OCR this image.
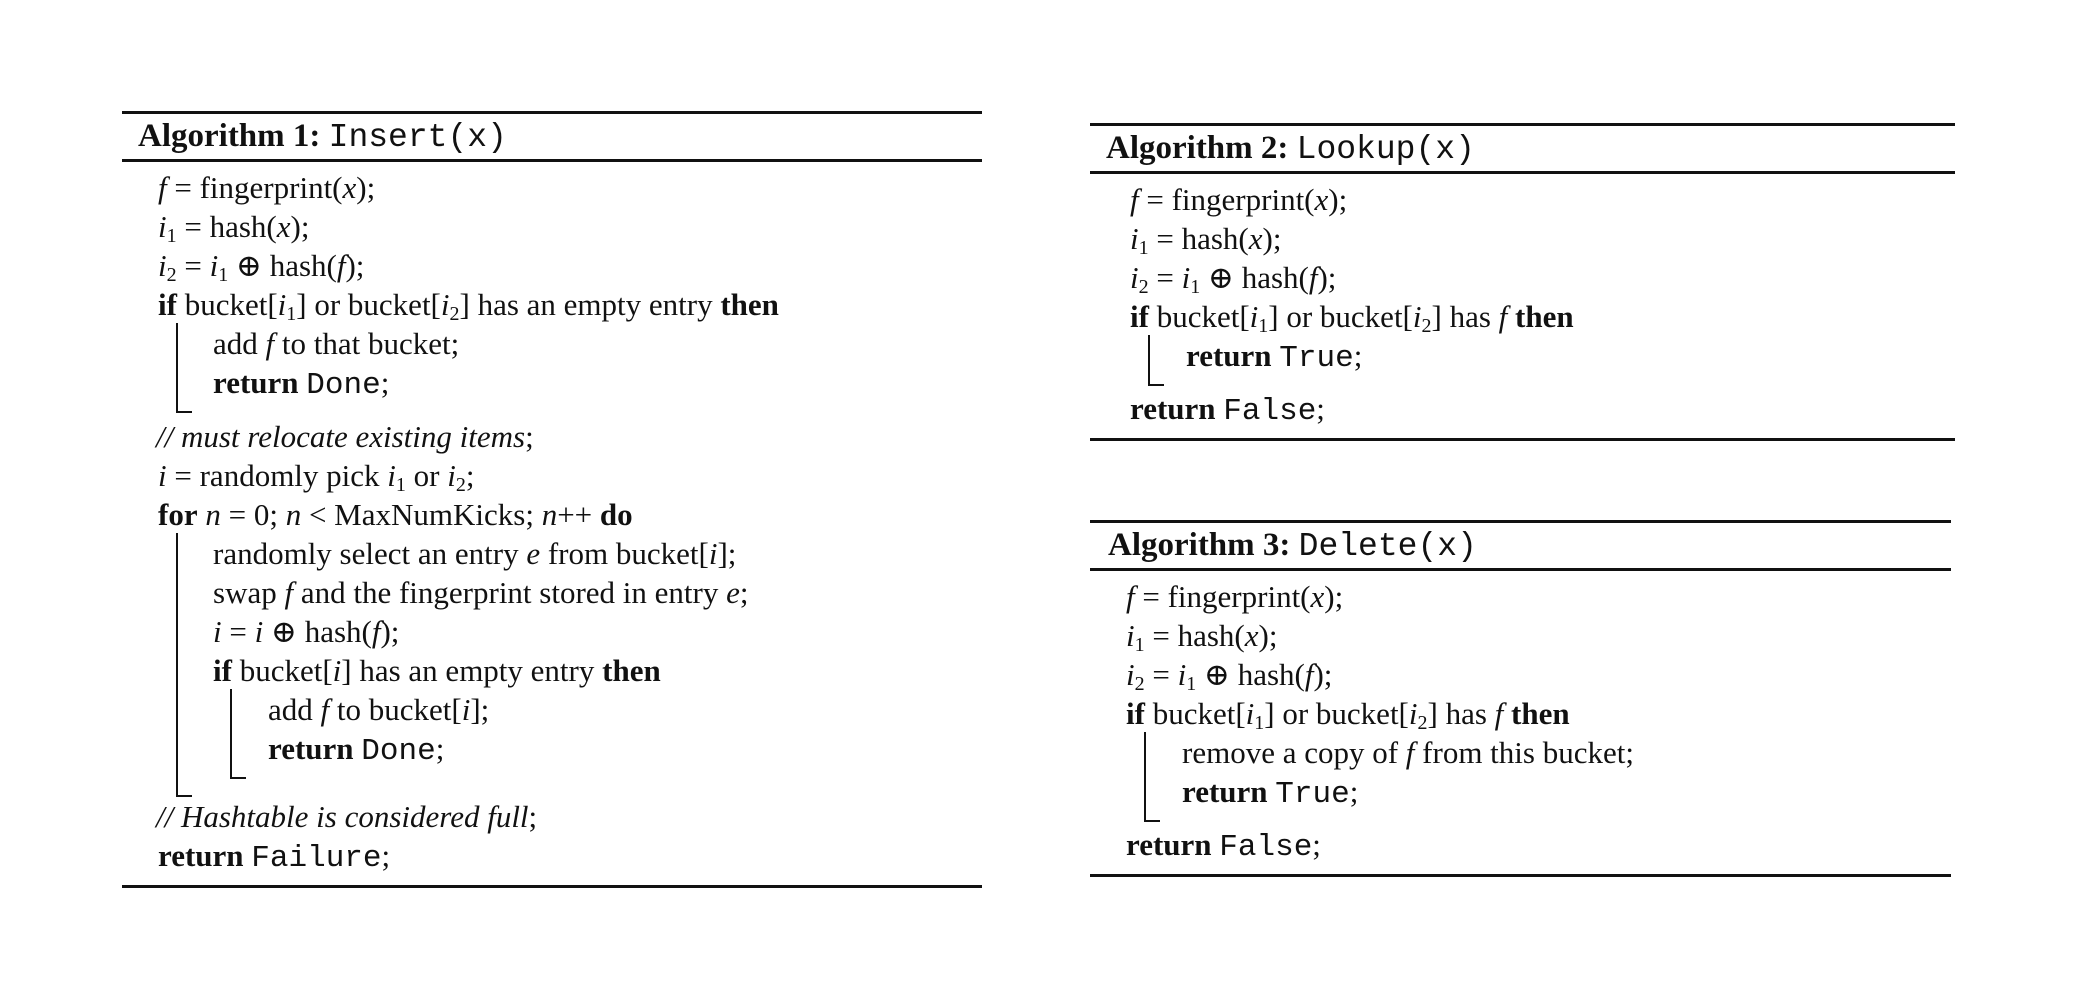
Algorithm 1: Insert(x)
f = fingerprint(x);
$i_1$ = hash(x);
$i_2 = i_1$ ⊕ hash(f);
if $bucket[i_1]$ or $bucket[i_2]$ has an empty entry then
add f to that bucket;
return Done;
// must relocate existing items;
i = randomly pick $i_1$ or $i_2$;
for n = 0; n < MaxNumKicks; n++ do
randomly select an entry e from bucket[i];
swap f and the fingerprint stored in entry e;
i = i ⊕ hash(f);
if bucket[i] has an empty entry then
add f to bucket[i];
return Done;
// Hashtable is considered full;
return Failure;
Algorithm 2: Lookup(x)
f = fingerprint(x);
$i_1$ = hash(x);
$i_2 = i_1$ ⊕ hash(f);
if $bucket[i_1]$ or $bucket[i_2]$ has f then
return True;
return False;
Algorithm 3: Delete(x)
f = fingerprint(x);
$i_1$ = hash(x);
$i_2 = i_1$ ⊕ hash(f);
if $bucket[i_1]$ or $bucket[i_2]$ has f then
remove a copy of f from this bucket;
return True;
return False;
